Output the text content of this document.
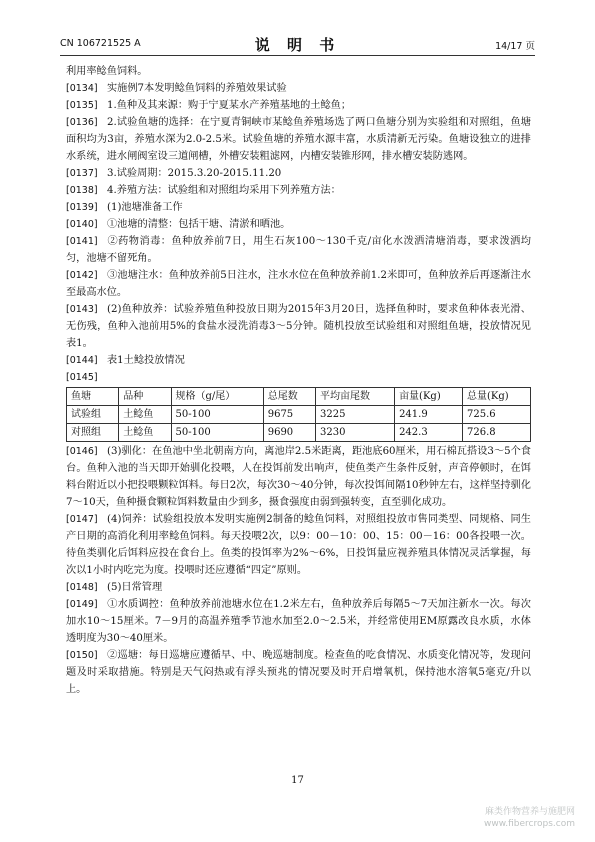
CN 106721525 A	说 明 书	14/17 页

利用率鲶鱼饲料。

[0134] 实施例7本发明鲶鱼饲料的养殖效果试验

[0135] 1.鱼种及其来源：购于宁夏某水产养殖基地的土鲶鱼；

[0136] 2.试验鱼塘的选择：在宁夏青铜峡市某鲶鱼养殖场选了两口鱼塘分别为实验组和对照组，鱼塘面积均为3亩，养殖水深为2.0-2.5米。试验鱼塘的养殖水源丰富，水质清新无污染。鱼塘设独立的进排水系统，进水闸阀室设三道闸槽，外槽安装粗滤网，内槽安装锥形网，排水槽安装防逃网。

[0137] 3.试验周期：2015.3.20-2015.11.20

[0138] 4.养殖方法：试验组和对照组均采用下列养殖方法：

[0139] (1)池塘准备工作

[0140] ①池塘的清整：包括干塘、清淤和晒池。

[0141] ②药物消毒：鱼种放养前7日，用生石灰100～130千克/亩化水泼洒清塘消毒，要求泼洒均匀，池塘不留死角。

[0142] ③池塘注水：鱼种放养前5日注水，注水水位在鱼种放养前1.2米即可，鱼种放养后再逐渐注水至最高水位。

[0143] (2)鱼种放养：试验养殖鱼种投放日期为2015年3月20日，选择鱼种时，要求鱼种体表光滑、无伤残，鱼种入池前用5%的食盐水浸洗消毒3～5分钟。随机投放至试验组和对照组鱼塘，投放情况见表1。

[0144] 表1土鲶投放情况

[0145]

鱼塘	品种	规格（g/尾）	总尾数	平均亩尾数	亩量(Kg)	总量(Kg)
试验组	土鲶鱼	50-100	9675	3225	241.9	725.6
对照组	土鲶鱼	50-100	9690	3230	242.3	726.8

[0146] (3)驯化：在鱼池中坐北朝南方向，离池岸2.5米距离，距池底60厘米，用石棉瓦搭设3～5个食台。鱼种入池的当天即开始驯化投喂，人在投饵前发出响声，使鱼类产生条件反射，声音停顿时，在饵料台附近以小把投喂颗粒饵料。每日2次，每次30～40分钟，每次投饵间隔10秒钟左右，这样坚持驯化7～10天，鱼种摄食颗粒饵料数量由少到多，摄食强度由弱到强转变，直至驯化成功。

[0147] (4)饲养：试验组投放本发明实施例2制备的鲶鱼饲料，对照组投放市售同类型、同规格、同生产日期的高消化利用率鲶鱼饲料。每天投喂2次，以9：00－10：00、15：00－16：00各投喂一次。待鱼类驯化后饵料应投在食台上。鱼类的投饵率为2%～6%，日投饵量应视养殖具体情况灵活掌握，每次以1小时内吃完为度。投喂时还应遵循“四定”原则。

[0148] (5)日常管理

[0149] ①水质调控：鱼种放养前池塘水位在1.2米左右，鱼种放养后每隔5～7天加注新水一次。每次加水10～15厘米。7－9月的高温养殖季节池水加至2.0～2.5米，并经常使用EM原露改良水质，水体透明度为30～40厘米。

[0150] ②巡塘：每日巡塘应遵循早、中、晚巡塘制度。检查鱼的吃食情况、水质变化情况等，发现问题及时采取措施。特别是天气闷热或有浮头预兆的情况要及时开启增氧机，保持池水溶氧5毫克/升以上。

17
麻类作物营养与施肥网
www.fibercrops.com
